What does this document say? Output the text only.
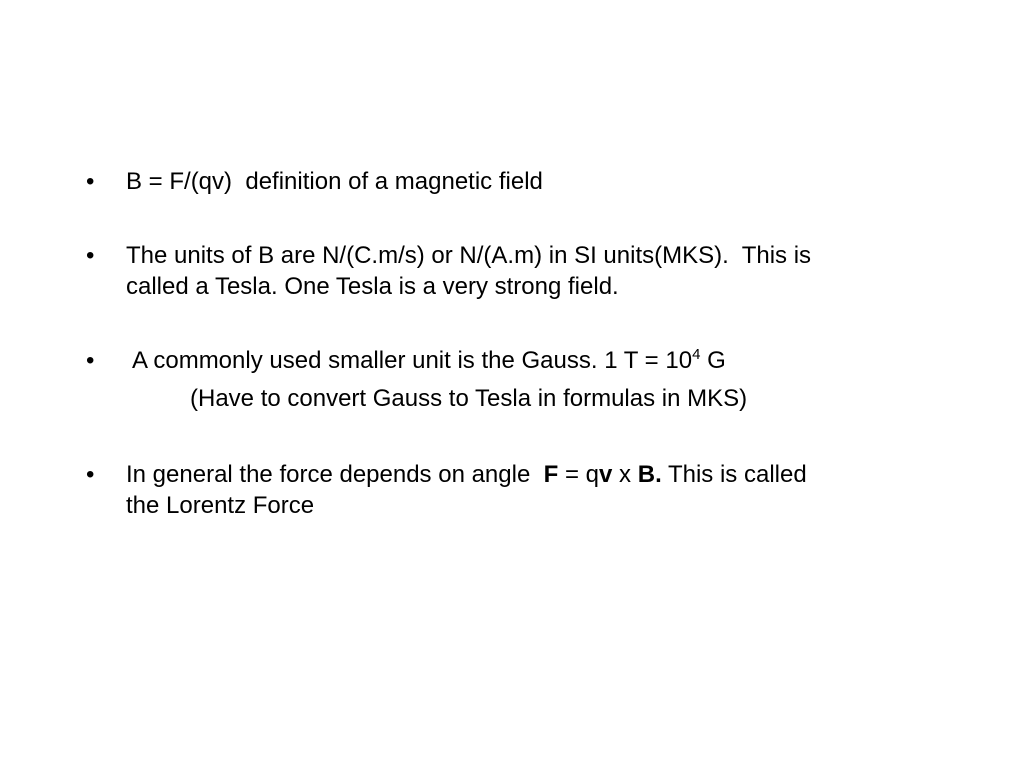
• B = F/(qv)  definition of a magnetic field

• The units of B are N/(C.m/s) or N/(A.m) in SI units(MKS).  This is
called a Tesla. One Tesla is a very strong field.

• A commonly used smaller unit is the Gauss. 1 $T = 10^4$ G

(Have to convert Gauss to Tesla in formulas in MKS)

• In general the force depends on angle  F = qv x B. This is called
the Lorentz Force
